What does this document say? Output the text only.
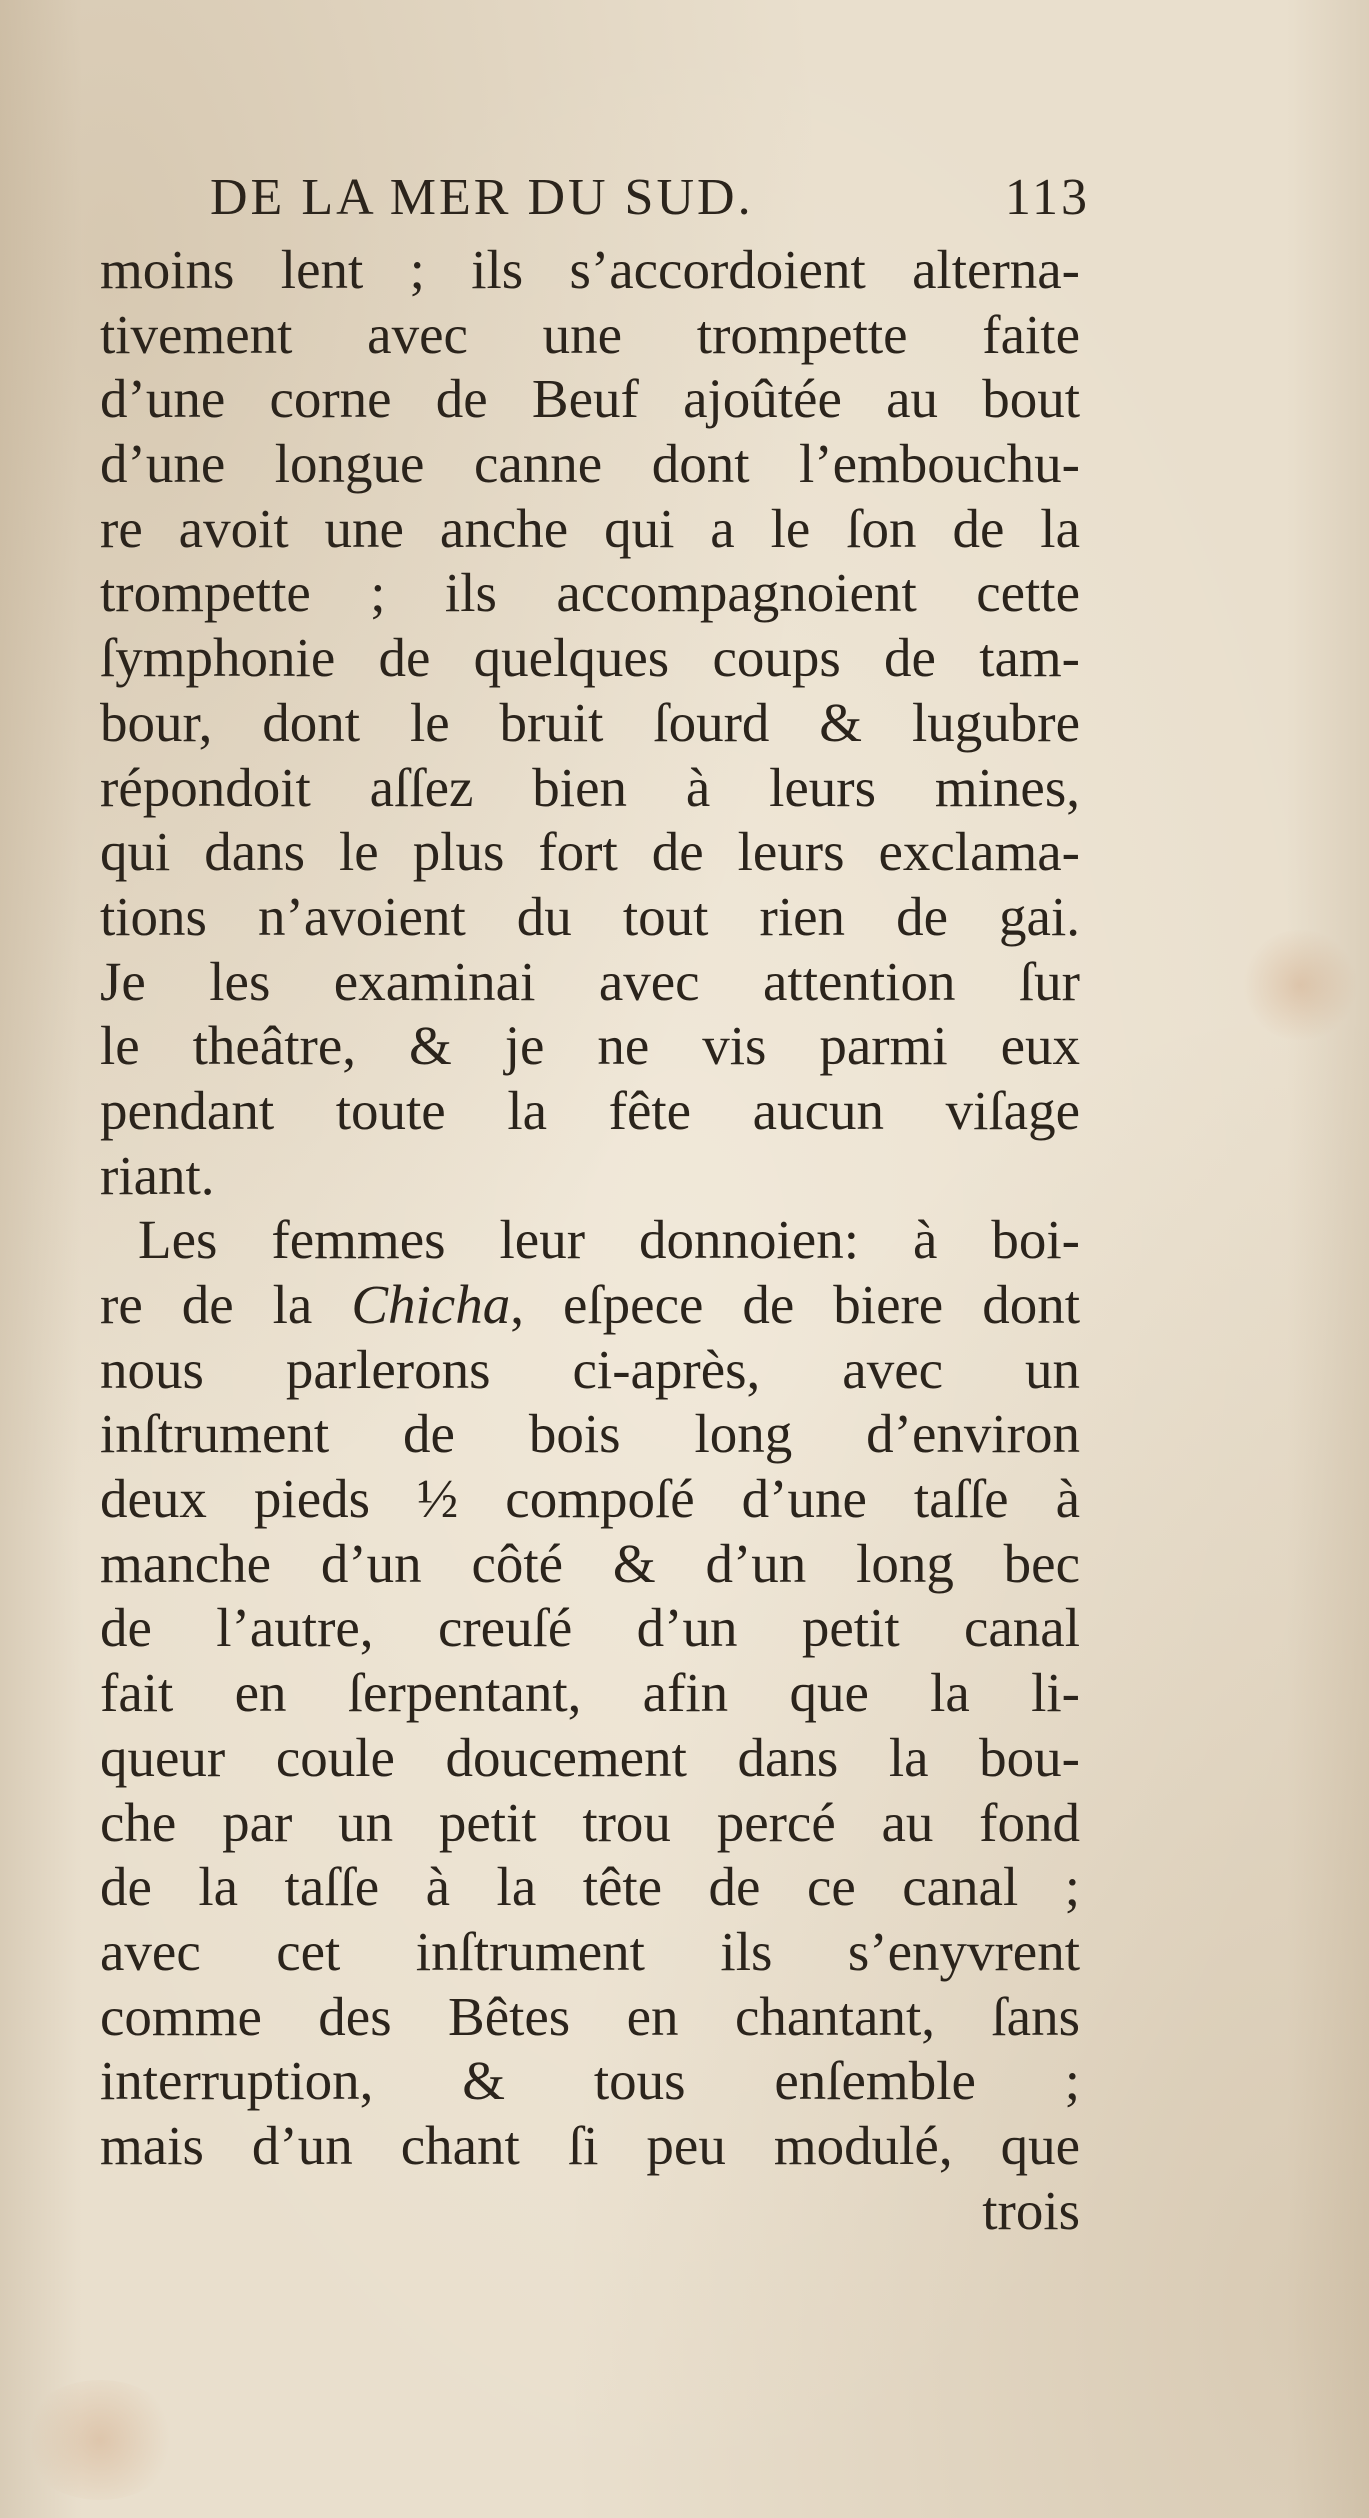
DE LA MER DU SUD.	113
moins lent ; ils s’accordoient alterna-
tivement avec une trompette faite
d’une corne de Beuf ajoûtée au bout
d’une longue canne dont l’embouchu-
re avoit une anche qui a le ſon de la
trompette ; ils accompagnoient cette
ſymphonie de quelques coups de tam-
bour, dont le bruit ſourd & lugubre
répondoit aſſez bien à leurs mines,
qui dans le plus fort de leurs exclama-
tions n’avoient du tout rien de gai.
Je les examinai avec attention ſur
le theâtre, & je ne vis parmi eux
pendant toute la fête aucun viſage
riant.
Les femmes leur donnoien: à boi-
re de la Chicha, eſpece de biere dont
nous parlerons ci-après, avec un
inſtrument de bois long d’environ
deux pieds ½ compoſé d’une taſſe à
manche d’un côté & d’un long bec
de l’autre, creuſé d’un petit canal
fait en ſerpentant, afin que la li-
queur coule doucement dans la bou-
che par un petit trou percé au fond
de la taſſe à la tête de ce canal ;
avec cet inſtrument ils s’enyvrent
comme des Bêtes en chantant, ſans
interruption, & tous enſemble ;
mais d’un chant ſi peu modulé, que
trois
